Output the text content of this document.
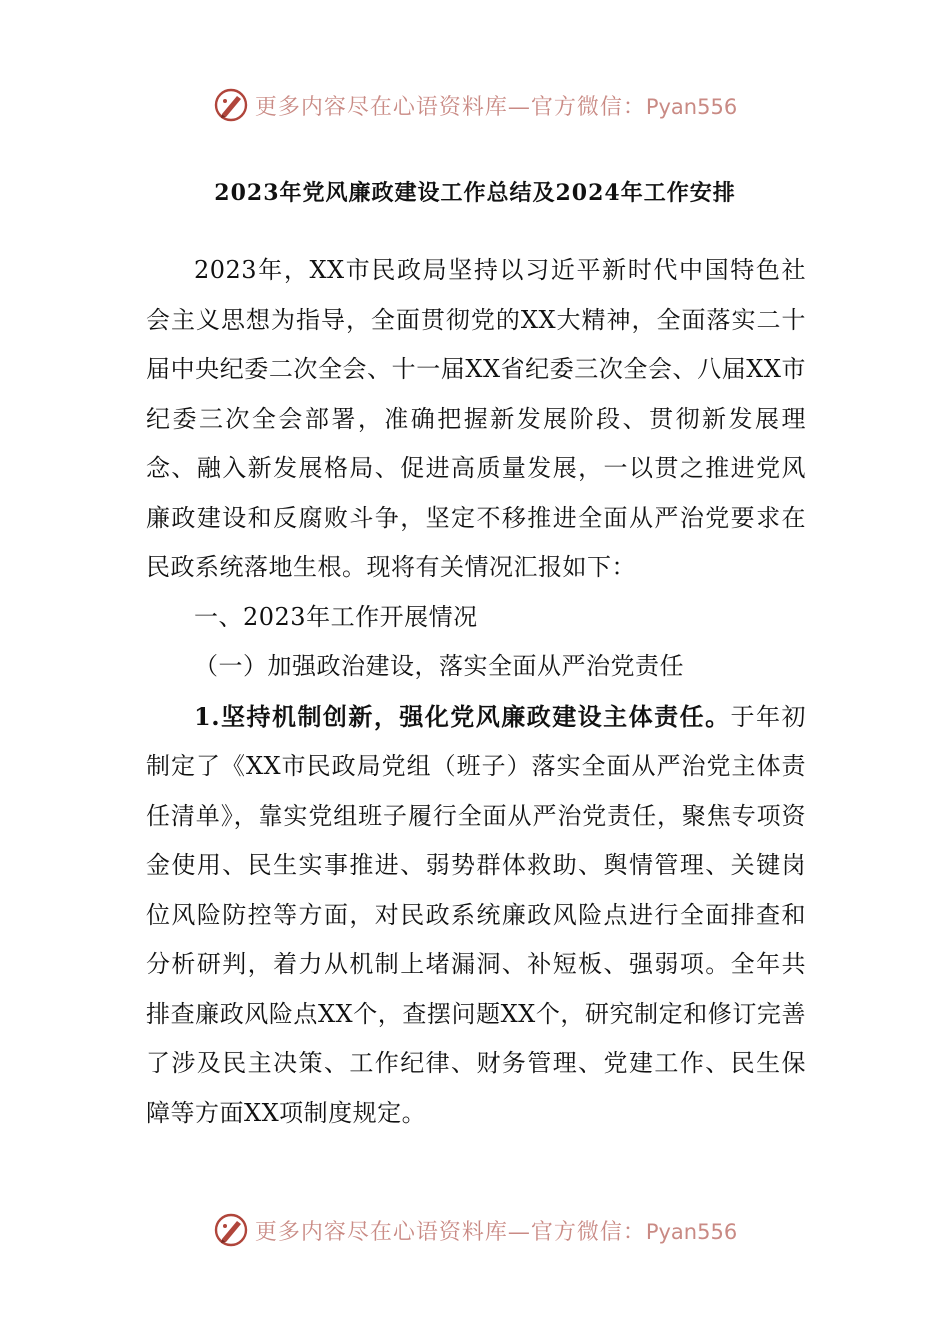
更多内容尽在心语资料库—官方微信：Pyan556
2023年党风廉政建设工作总结及2024年工作安排

2023年，XX市民政局坚持以习近平新时代中国特色社会主义思想为指导，全面贯彻党的XX大精神，全面落实二十届中央纪委二次全会、十一届XX省纪委三次全会、八届XX市纪委三次全会部署，准确把握新发展阶段、贯彻新发展理念、融入新发展格局、促进高质量发展，一以贯之推进党风廉政建设和反腐败斗争，坚定不移推进全面从严治党要求在民政系统落地生根。现将有关情况汇报如下：

一、2023年工作开展情况

（一）加强政治建设，落实全面从严治党责任

1.坚持机制创新，强化党风廉政建设主体责任。于年初制定了《XX市民政局党组（班子）落实全面从严治党主体责任清单》，靠实党组班子履行全面从严治党责任，聚焦专项资金使用、民生实事推进、弱势群体救助、舆情管理、关键岗位风险防控等方面，对民政系统廉政风险点进行全面排查和分析研判，着力从机制上堵漏洞、补短板、强弱项。全年共排查廉政风险点XX个，查摆问题XX个，研究制定和修订完善了涉及民主决策、工作纪律、财务管理、党建工作、民生保障等方面XX项制度规定。

更多内容尽在心语资料库—官方微信：Pyan556
